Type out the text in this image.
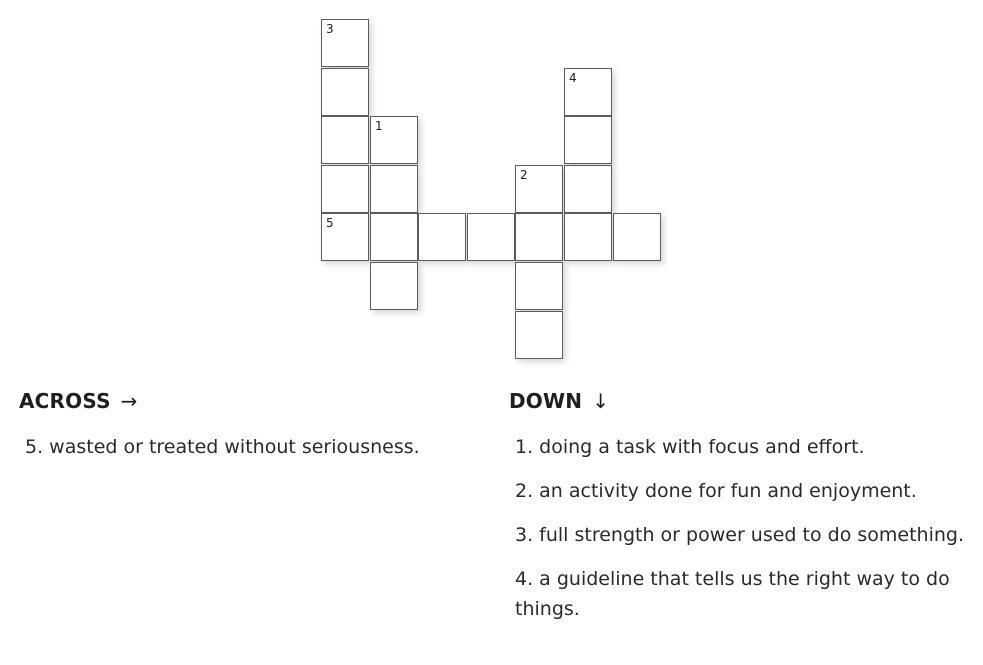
3
5
1
2
4
ACROSS →	DOWN ↓
5. wasted or treated without seriousness.	1. doing a task with focus and effort.
2. an activity done for fun and enjoyment.
3. full strength or power used to do something.
4. a guideline that tells us the right way to do things.
